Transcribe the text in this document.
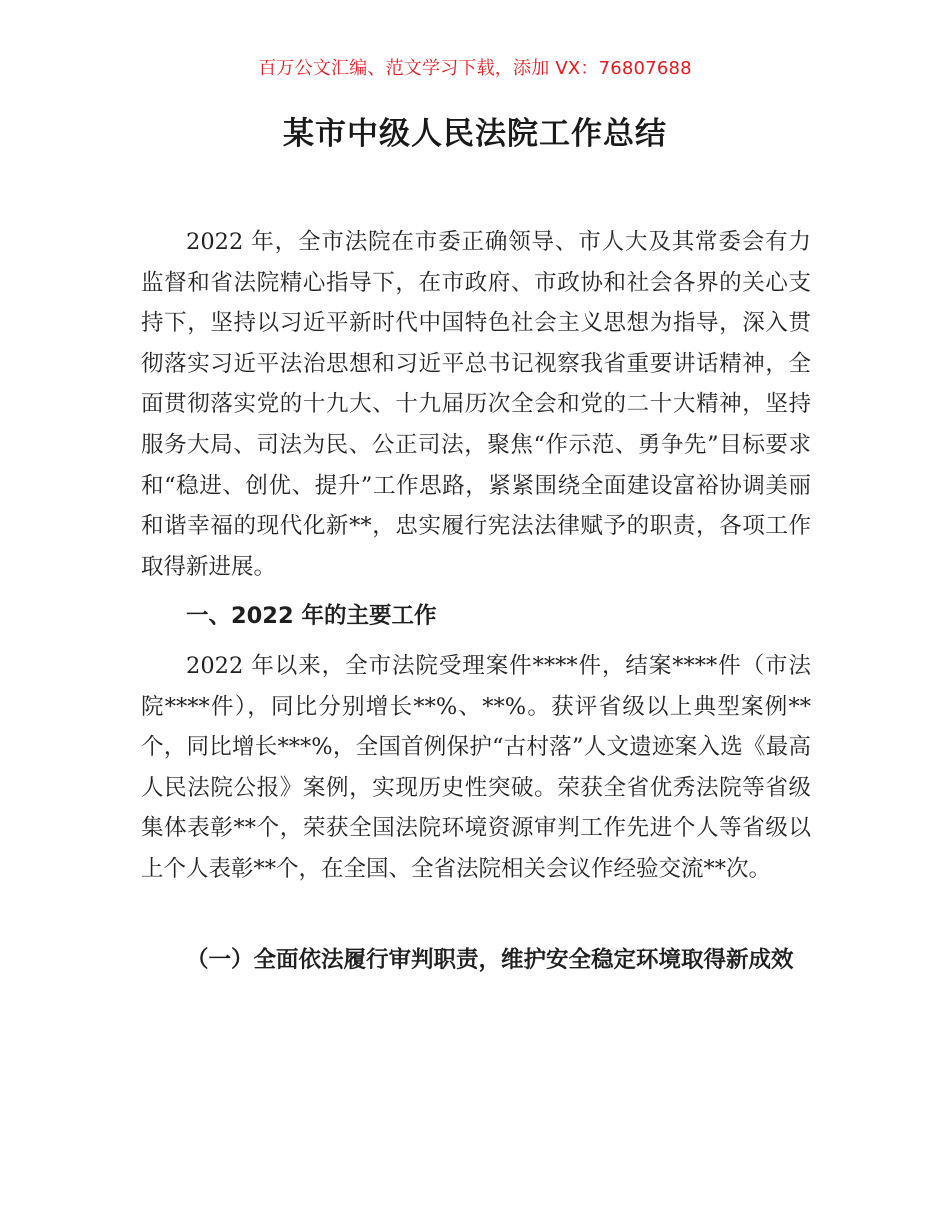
百万公文汇编、范文学习下载，添加 VX：76807688
某市中级人民法院工作总结

2022 年，全市法院在市委正确领导、市人大及其常委会有力监督和省法院精心指导下，在市政府、市政协和社会各界的关心支持下，坚持以习近平新时代中国特色社会主义思想为指导，深入贯彻落实习近平法治思想和习近平总书记视察我省重要讲话精神，全面贯彻落实党的十九大、十九届历次全会和党的二十大精神，坚持服务大局、司法为民、公正司法，聚焦“作示范、勇争先”目标要求和“稳进、创优、提升”工作思路，紧紧围绕全面建设富裕协调美丽和谐幸福的现代化新**，忠实履行宪法法律赋予的职责，各项工作取得新进展。

一、2022 年的主要工作

2022 年以来，全市法院受理案件****件，结案****件（市法院****件），同比分别增长**%、**%。获评省级以上典型案例**个，同比增长***%，全国首例保护“古村落”人文遗迹案入选《最高人民法院公报》案例，实现历史性突破。荣获全省优秀法院等省级集体表彰**个，荣获全国法院环境资源审判工作先进个人等省级以上个人表彰**个，在全国、全省法院相关会议作经验交流**次。

（一）全面依法履行审判职责，维护安全稳定环境取得新成效
